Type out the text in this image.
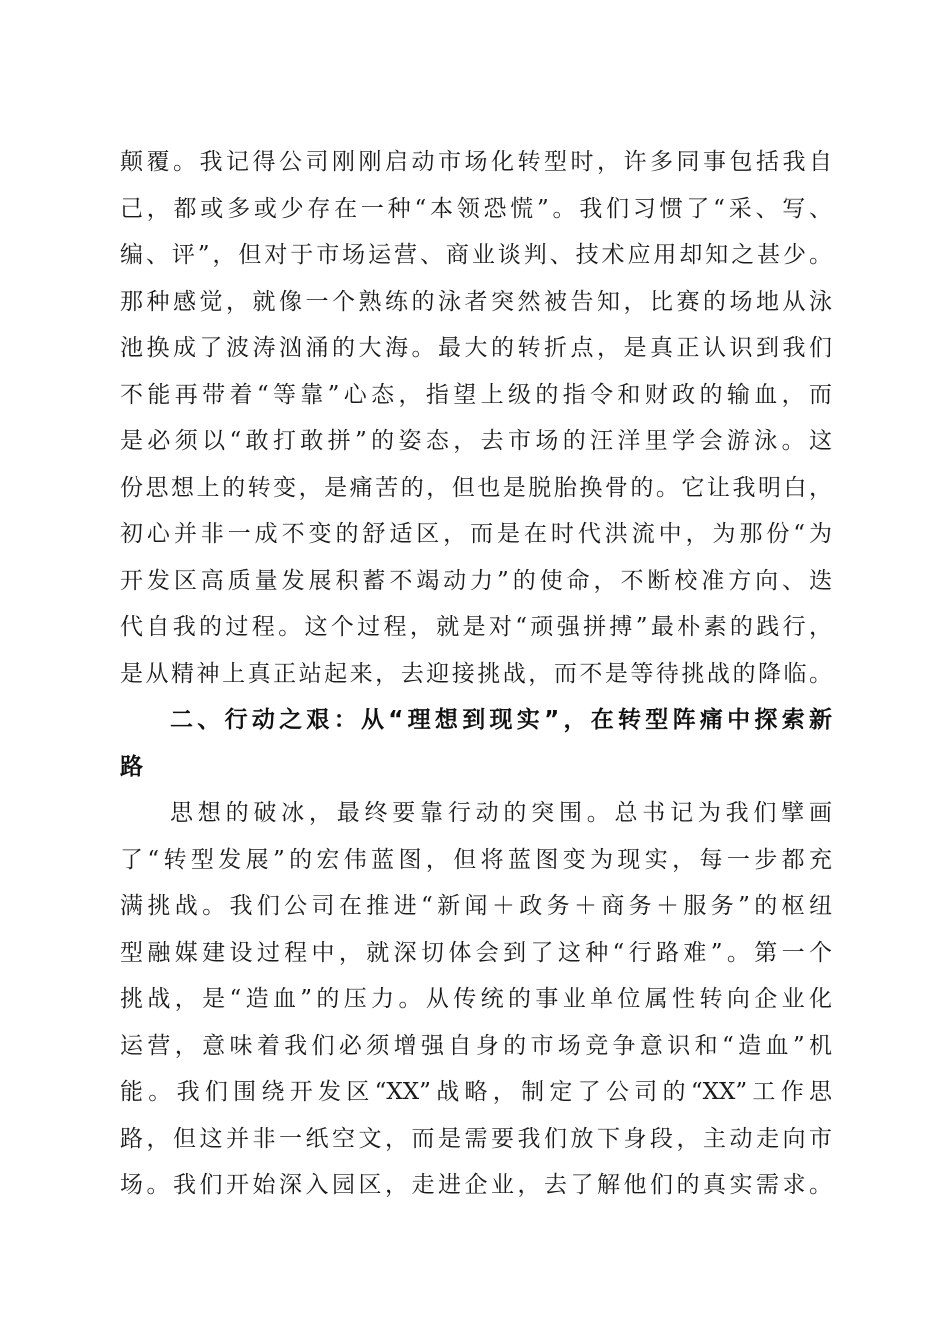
颠覆。我记得公司刚刚启动市场化转型时，许多同事包括我自
己，都或多或少存在一种“本领恐慌”。我们习惯了“采、写、
编、评”，但对于市场运营、商业谈判、技术应用却知之甚少。
那种感觉，就像一个熟练的泳者突然被告知，比赛的场地从泳
池换成了波涛汹涌的大海。最大的转折点，是真正认识到我们
不能再带着“等靠”心态，指望上级的指令和财政的输血，而
是必须以“敢打敢拼”的姿态，去市场的汪洋里学会游泳。这
份思想上的转变，是痛苦的，但也是脱胎换骨的。它让我明白，
初心并非一成不变的舒适区，而是在时代洪流中，为那份“为
开发区高质量发展积蓄不竭动力”的使命，不断校准方向、迭
代自我的过程。这个过程，就是对“顽强拼搏”最朴素的践行，
是从精神上真正站起来，去迎接挑战，而不是等待挑战的降临。
二、行动之艰：从“理想到现实”，在转型阵痛中探索新
路
思想的破冰，最终要靠行动的突围。总书记为我们擘画
了“转型发展”的宏伟蓝图，但将蓝图变为现实，每一步都充
满挑战。我们公司在推进“新闻＋政务＋商务＋服务”的枢纽
型融媒建设过程中，就深切体会到了这种“行路难”。第一个
挑战，是“造血”的压力。从传统的事业单位属性转向企业化
运营，意味着我们必须增强自身的市场竞争意识和“造血”机
能。我们围绕开发区“XX”战略，制定了公司的“XX”工作思
路，但这并非一纸空文，而是需要我们放下身段，主动走向市
场。我们开始深入园区，走进企业，去了解他们的真实需求。
